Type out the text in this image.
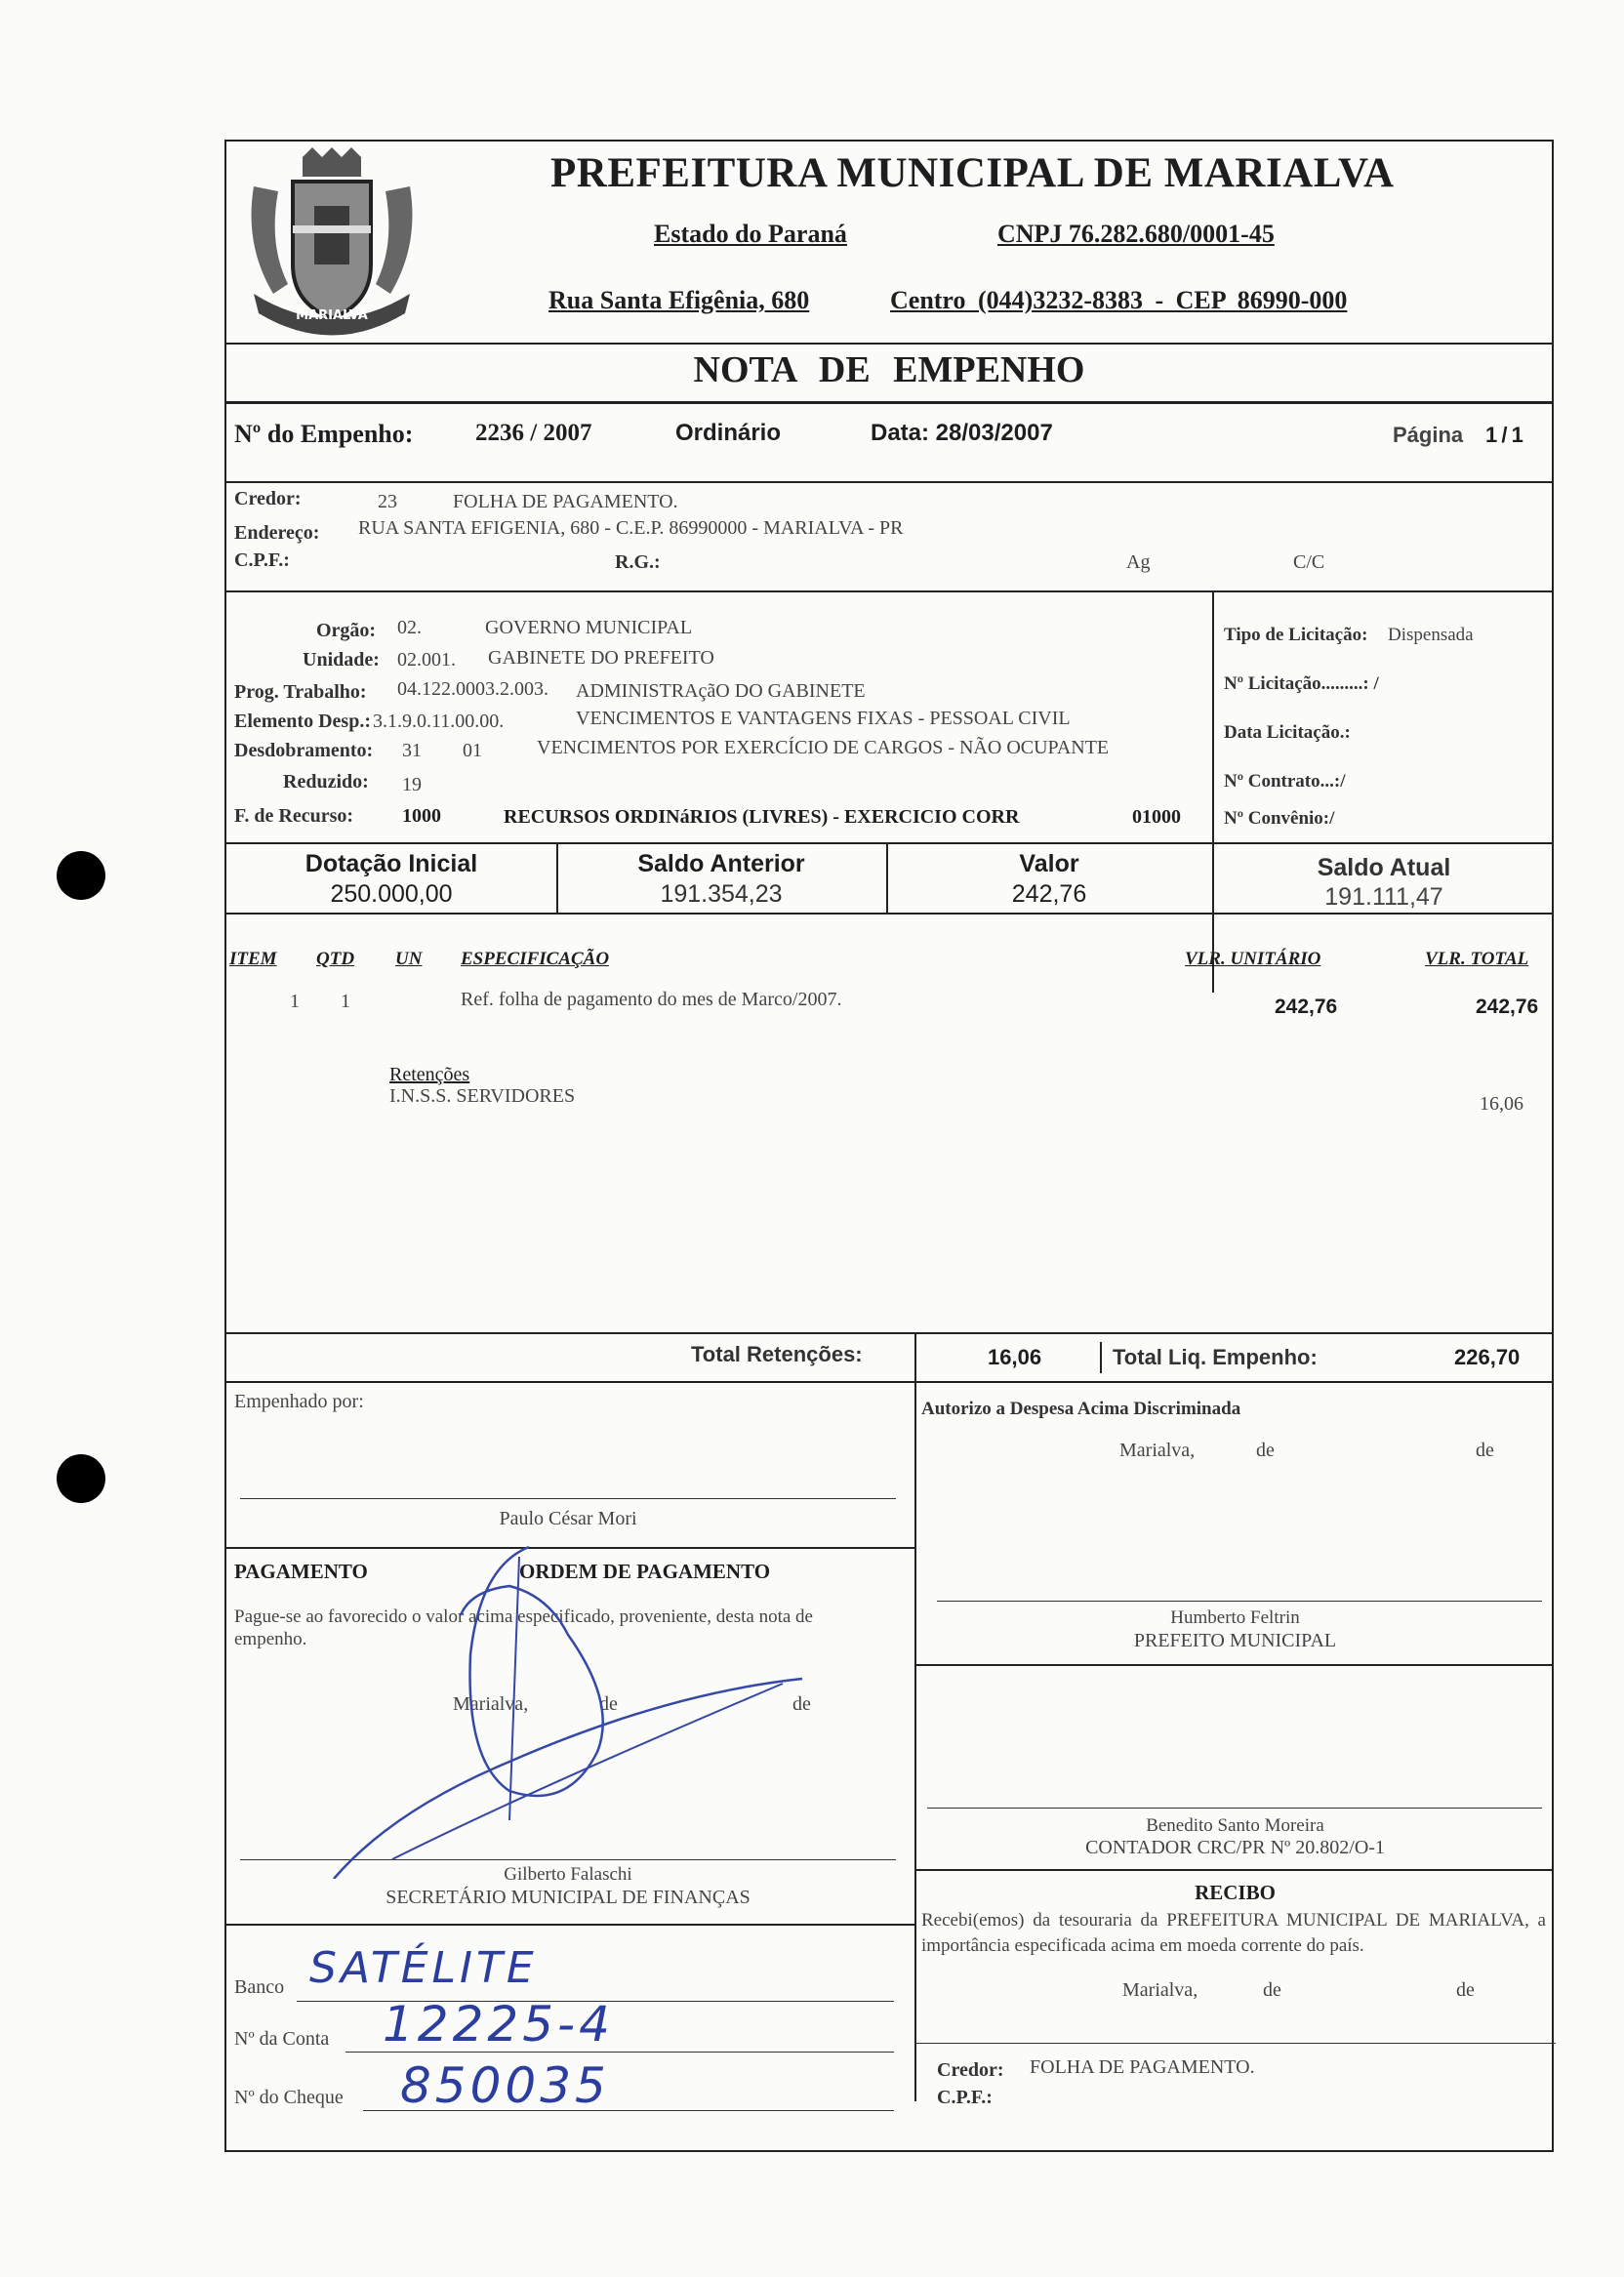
MARIALVA
PREFEITURA MUNICIPAL DE MARIALVA
Estado do Paraná	CNPJ 76.282.680/0001-45
Rua Santa Efigênia, 680	Centro (044)3232-8383 - CEP 86990-000
NOTA DE EMPENHO
Nº do Empenho:	2236 / 2007	Ordinário	Data: 28/03/2007	Página 1 / 1
Credor:	23	FOLHA DE PAGAMENTO.
Endereço: RUA SANTA EFIGENIA, 680 - C.E.P. 86990000 - MARIALVA - PR
C.P.F.:	R.G.:	Ag	C/C
Orgão: 02.	GOVERNO MUNICIPAL
Unidade: 02.001. GABINETE DO PREFEITO
Prog. Trabalho: 04.122.0003.2.003. ADMINISTRAçãO DO GABINETE
Elemento Desp.: 3.1.9.0.11.00.00.	VENCIMENTOS E VANTAGENS FIXAS - PESSOAL CIVIL
Desdobramento: 31 01	VENCIMENTOS POR EXERCÍCIO DE CARGOS - NÃO OCUPANTE
Reduzido: 19
F. de Recurso: 1000	RECURSOS ORDINáRIOS (LIVRES) - EXERCICIO CORR	01000
Tipo de Licitação: Dispensada
Nº Licitação.........: /
Data Licitação.:
Nº Contrato...:/
Nº Convênio:/
Dotação Inicial
250.000,00
Saldo Anterior
191.354,23
Valor
242,76
Saldo Atual
191.111,47
ITEM QTD UN ESPECIFICAÇÃO	VLR. UNITÁRIO	VLR. TOTAL
1 1	Ref. folha de pagamento do mes de Marco/2007.	242,76	242,76
Retenções
I.N.S.S. SERVIDORES	16,06
Total Retenções:	16,06	Total Liq. Empenho:	226,70
Empenhado por:
Paulo César Mori
PAGAMENTO	ORDEM DE PAGAMENTO
Pague-se ao favorecido o valor acima especificado, proveniente, desta nota de empenho.
Marialva,	de	de
Gilberto Falaschi
SECRETÁRIO MUNICIPAL DE FINANÇAS
Banco SATÉLITE
Nº da Conta 12225-4
Nº do Cheque 850035
Autorizo a Despesa Acima Discriminada
Marialva,	de	de
Humberto Feltrin
PREFEITO MUNICIPAL
Benedito Santo Moreira
CONTADOR CRC/PR Nº 20.802/O-1
RECIBO
Recebi(emos) da tesouraria da PREFEITURA MUNICIPAL DE MARIALVA, a importância especificada acima em moeda corrente do país.
Marialva,	de	de
Credor: FOLHA DE PAGAMENTO.
C.P.F.:
